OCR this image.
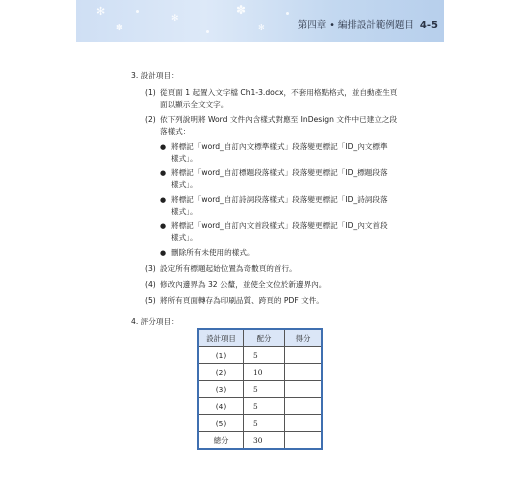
✻
✽
✻
✽
✻	第四章 • 編排設計範例題目 4-5
3. 設計項目：
(1) 從頁面 1 起置入文字檔 Ch1-3.docx，不套用格點格式，並自動產生頁
面以顯示全文文字。
(2) 依下列說明將 Word 文件內含樣式對應至 InDesign 文件中已建立之段
落樣式：
● 將標記「word_自訂內文標準樣式」段落變更標記「ID_內文標準
樣式」。
● 將標記「word_自訂標題段落樣式」段落變更標記「ID_標題段落
樣式」。
● 將標記「word_自訂詩詞段落樣式」段落變更標記「ID_詩詞段落
樣式」。
● 將標記「word_自訂內文首段樣式」段落變更標記「ID_內文首段
樣式」。
● 刪除所有未使用的樣式。
(3) 設定所有標題起始位置為奇數頁的首行。
(4) 修改內邊界為 32 公釐，並使全文位於新邊界內。
(5) 將所有頁面轉存為印刷品質、跨頁的 PDF 文件。
4. 評分項目：
設計項目	配分	得分
(1)	5	
(2)	10	
(3)	5	
(4)	5	
(5)	5	
總分	30	
